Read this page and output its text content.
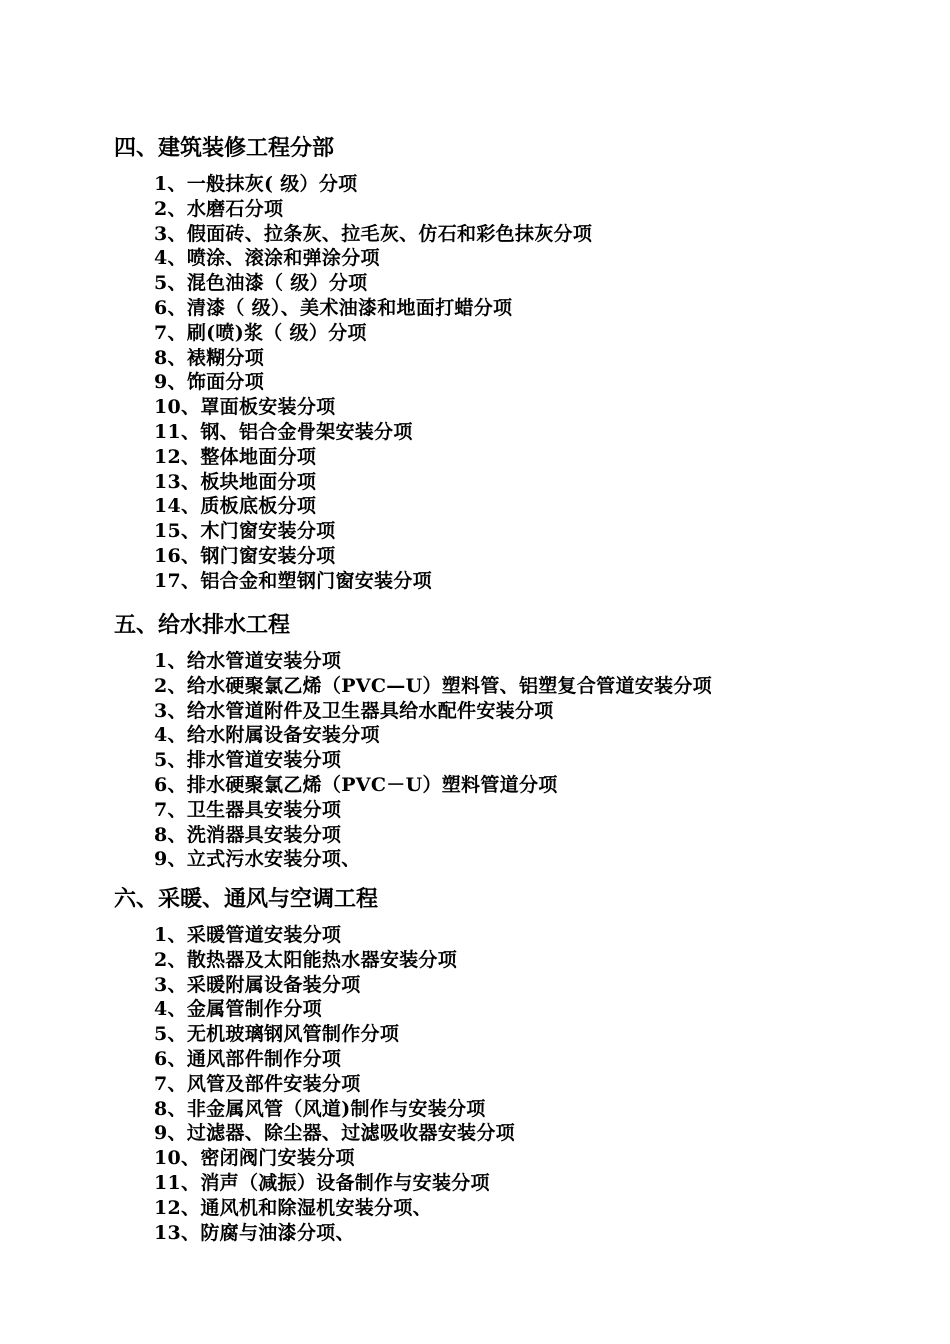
四、建筑装修工程分部
1、一般抹灰( 级）分项
2、水磨石分项
3、假面砖、拉条灰、拉毛灰、仿石和彩色抹灰分项
4、喷涂、滚涂和弹涂分项
5、混色油漆（ 级）分项
6、清漆（ 级）、美术油漆和地面打蜡分项
7、刷(喷)浆（ 级）分项
8、裱糊分项
9、饰面分项
10、罩面板安装分项
11、钢、铝合金骨架安装分项
12、整体地面分项
13、板块地面分项
14、质板底板分项
15、木门窗安装分项
16、钢门窗安装分项
17、铝合金和塑钢门窗安装分项
五、给水排水工程
1、给水管道安装分项
2、给水硬聚氯乙烯（PVC—U）塑料管、铝塑复合管道安装分项
3、给水管道附件及卫生器具给水配件安装分项
4、给水附属设备安装分项
5、排水管道安装分项
6、排水硬聚氯乙烯（PVC－U）塑料管道分项
7、卫生器具安装分项
8、洗消器具安装分项
9、立式污水安装分项、
六、采暖、通风与空调工程
1、采暖管道安装分项
2、散热器及太阳能热水器安装分项
3、采暖附属设备装分项
4、金属管制作分项
5、无机玻璃钢风管制作分项
6、通风部件制作分项
7、风管及部件安装分项
8、非金属风管（风道)制作与安装分项
9、过滤器、除尘器、过滤吸收器安装分项
10、密闭阀门安装分项
11、消声（减振）设备制作与安装分项
12、通风机和除湿机安装分项、
13、防腐与油漆分项、
